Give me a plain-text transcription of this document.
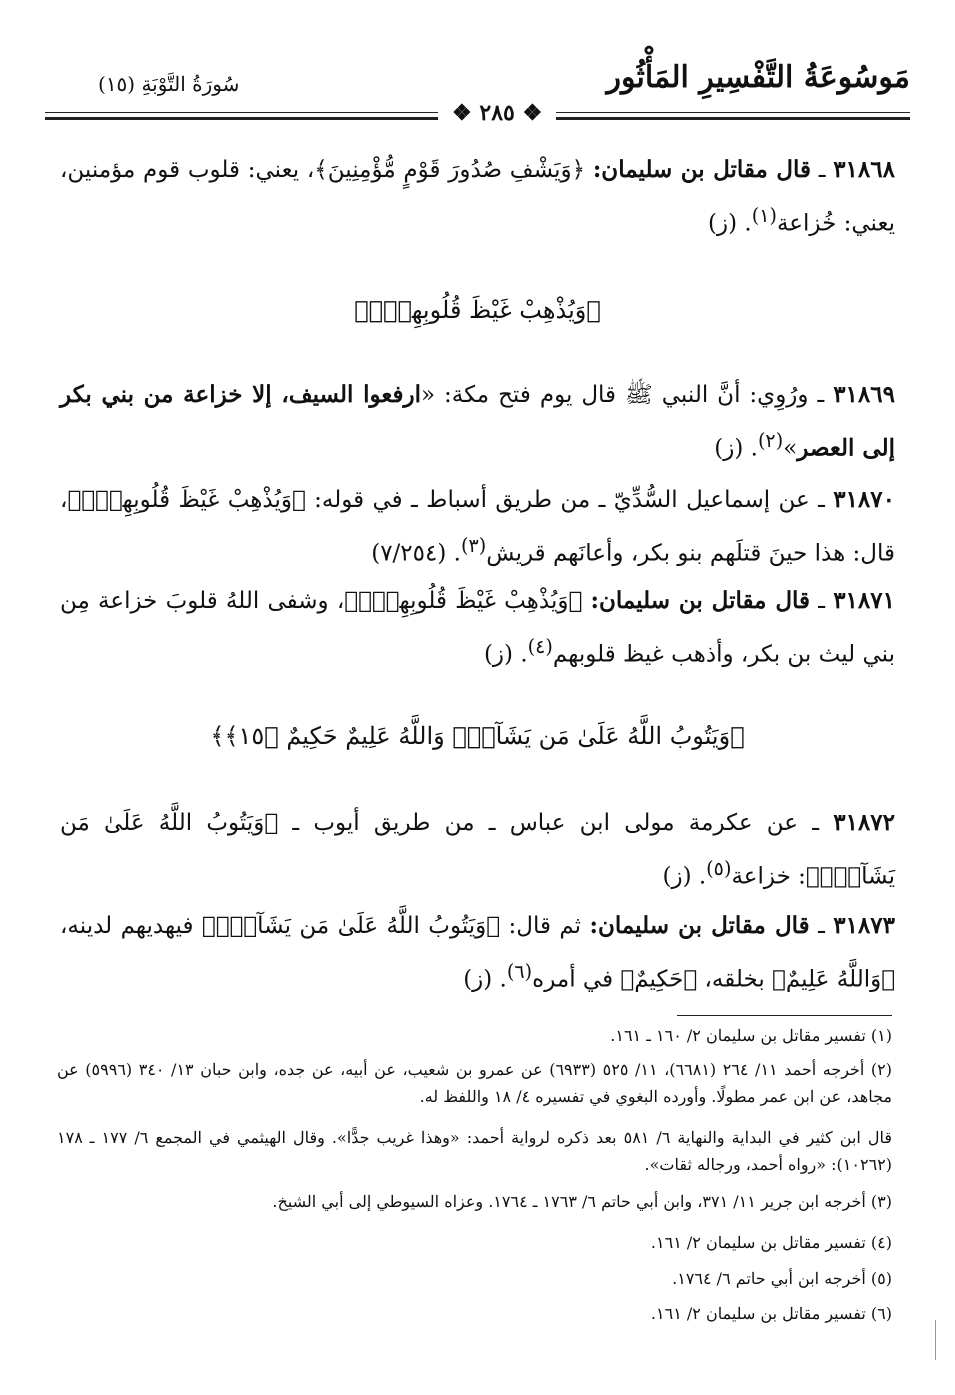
مَوسُوعَةُ التَّفْسِيرِ المَأْثُور
سُورَةُ التَّوْبَةِ (١٥)
❖ ٢٨٥ ❖
٣١٨٦٨ ـ قال مقاتل بن سليمان: ﴿وَيَشْفِ صُدُورَ قَوْمٍ مُّؤْمِنِينَ﴾، يعني: قلوب قوم مؤمنين، يعني: خُزاعة$^{(١)}$. (ز)
﴿وَيُذْهِبْ غَيْظَ قُلُوبِهِمْۗ﴾
٣١٨٦٩ ـ ورُوِي: أنَّ النبي ﷺ قال يوم فتح مكة: «ارفعوا السيف، إلا خزاعة من بني بكر إلى العصر»$^{(٢)}$. (ز)
٣١٨٧٠ ـ عن إسماعيل السُّدِّيّ ـ من طريق أسباط ـ في قوله: ﴿وَيُذْهِبْ غَيْظَ قُلُوبِهِمْۗ﴾، قال: هذا حينَ قتلَهم بنو بكر، وأعانَهم قريش$^{(٣)}$. (٧/٢٥٤)
٣١٨٧١ ـ قال مقاتل بن سليمان: ﴿وَيُذْهِبْ غَيْظَ قُلُوبِهِمْۗ﴾، وشفى اللهُ قلوبَ خزاعة مِن بني ليث بن بكر، وأذهب غيظ قلوبهم$^{(٤)}$. (ز)
﴿وَيَتُوبُ اللَّهُ عَلَىٰ مَن يَشَآءُۗ وَاللَّهُ عَلِيمٌ حَكِيمٌ ﴿١٥﴾﴾
٣١٨٧٢ ـ عن عكرمة مولى ابن عباس ـ من طريق أيوب ـ ﴿وَيَتُوبُ اللَّهُ عَلَىٰ مَن يَشَآءُۗ﴾: خزاعة$^{(٥)}$. (ز)
٣١٨٧٣ ـ قال مقاتل بن سليمان: ثم قال: ﴿وَيَتُوبُ اللَّهُ عَلَىٰ مَن يَشَآءُۗ﴾ فيهديهم لدينه، ﴿وَاللَّهُ عَلِيمٌ﴾ بخلقه، ﴿حَكِيمٌ﴾ في أمره$^{(٦)}$. (ز)
(١) تفسير مقاتل بن سليمان ٢/ ١٦٠ ـ ١٦١.
(٢) أخرجه أحمد ١١/ ٢٦٤ (٦٦٨١)، ١١/ ٥٢٥ (٦٩٣٣) عن عمرو بن شعيب، عن أبيه، عن جده، وابن حبان ١٣/ ٣٤٠ (٥٩٩٦) عن مجاهد، عن ابن عمر مطولًا. وأورده البغوي في تفسيره ٤/ ١٨ واللفظ له.
قال ابن كثير في البداية والنهاية ٦/ ٥٨١ بعد ذكره لرواية أحمد: «وهذا غريب جدًّا». وقال الهيثمي في المجمع ٦/ ١٧٧ ـ ١٧٨ (١٠٢٦٢): «رواه أحمد، ورجاله ثقات».
(٣) أخرجه ابن جرير ١١/ ٣٧١، وابن أبي حاتم ٦/ ١٧٦٣ ـ ١٧٦٤. وعزاه السيوطي إلى أبي الشيخ.
(٤) تفسير مقاتل بن سليمان ٢/ ١٦١.
(٥) أخرجه ابن أبي حاتم ٦/ ١٧٦٤.
(٦) تفسير مقاتل بن سليمان ٢/ ١٦١.
